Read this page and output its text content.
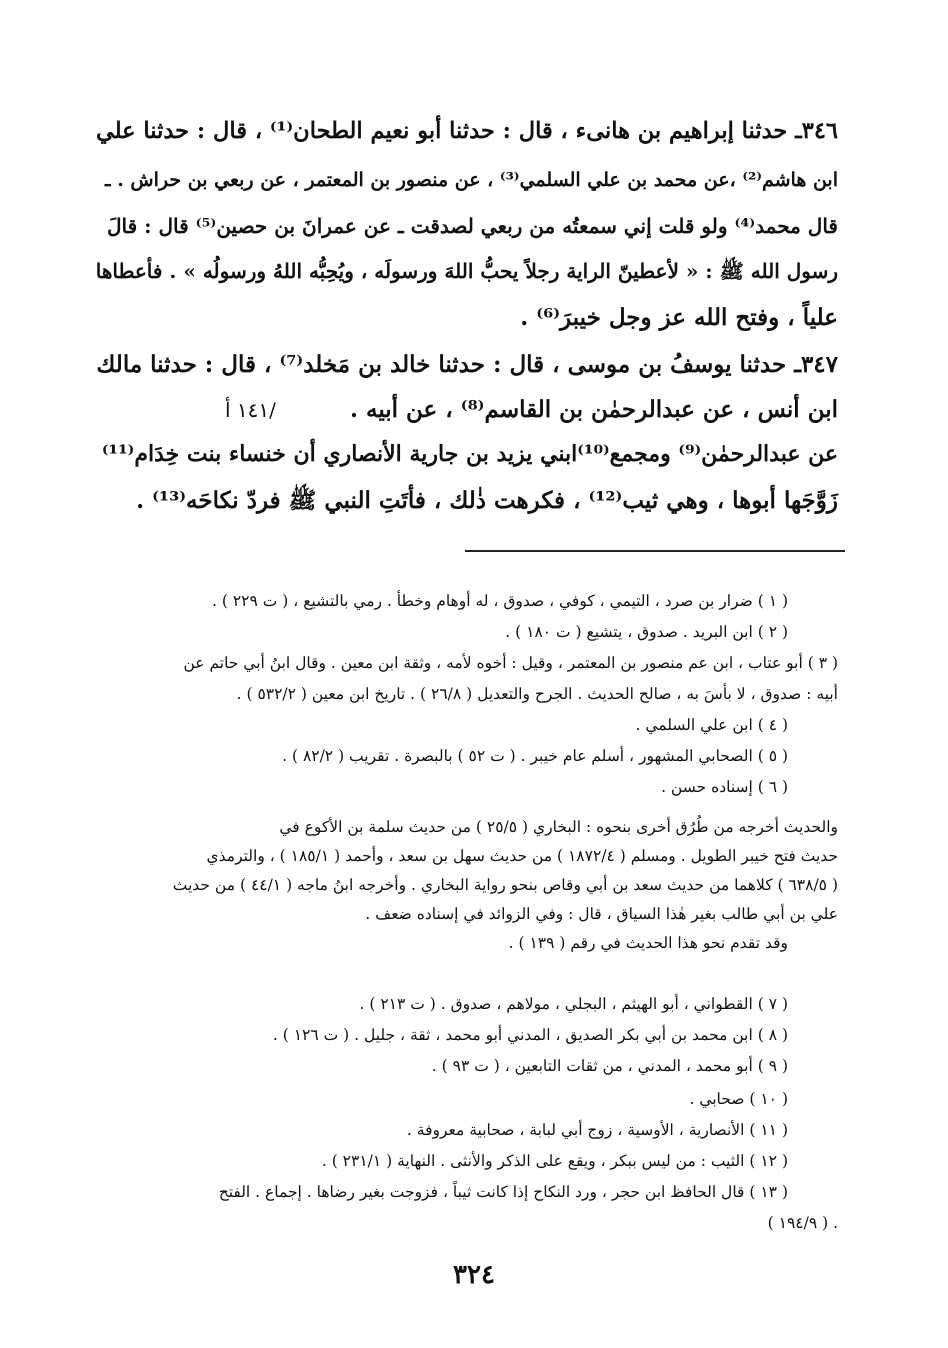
٣٤٦ـ حدثنا إبراهيم بن هانىء ، قال : حدثنا أبو نعيم الطحان⁽¹⁾ ، قال : حدثنا علي
ابن هاشم⁽²⁾ ،عن محمد بن علي السلمي⁽³⁾ ، عن منصور بن المعتمر ، عن ربعي بن حراش . ـ
قال محمد⁽⁴⁾ ولو قلت إني سمعتُه من ربعي لصدقت ـ عن عمرانَ بن حصين⁽⁵⁾ قال : قالَ
رسول الله ﷺ : « لأعطينّ الراية رجلاً يحبُّ اللهَ ورسولَه ، ويُحِبُّه اللهُ ورسولُه » . فأعطاها
علياً ، وفتح الله عز وجل خيبرَ⁽⁶⁾ .
٣٤٧ـ حدثنا يوسفُ بن موسى ، قال : حدثنا خالد بن مَخلد⁽⁷⁾ ، قال : حدثنا مالك
ابن أنس ، عن عبدالرحمٰن بن القاسم⁽⁸⁾ ، عن أبيه .
/١٤١ أ
عن عبدالرحمٰن⁽⁹⁾ ومجمع⁽¹⁰⁾ابني يزيد بن جارية الأنصاري أن خنساء بنت خِدَام⁽¹¹⁾
زَوَّجَها أبوها ، وهي ثيب⁽¹²⁾ ، فكرهت ذٰلك ، فأتَتِ النبي ﷺ فردّ نكاحَه⁽¹³⁾ .
( ١ ) ضرار بن صرد ، التيمي ، كوفي ، صدوق ، له أوهام وخطأ . رمي بالتشيع ، ( ت ٢٢٩ ) .
( ٢ ) ابن البريد . صدوق ، يتشيع ( ت ١٨٠ ) .
( ٣ ) أبو عتاب ، ابن عم منصور بن المعتمر ، وقيل : أخوه لأمه ، وثقة ابن معين . وقال ابنُ أبي حاتم عن
أبيه : صدوق ، لا بأسَ به ، صالح الحديث . الجرح والتعديل ( ٢٦/٨ ) . تاريخ ابن معين ( ٥٣٢/٢ ) .
( ٤ ) ابن علي السلمي .
( ٥ ) الصحابي المشهور ، أسلم عام خيبر . ( ت ٥٢ ) بالبصرة . تقريب ( ٨٢/٢ ) .
( ٦ ) إسناده حسن .
والحديث أخرجه من طُرُق أخرى بنحوه : البخاري ( ٢٥/٥ ) من حديث سلمة بن الأكوع في
حديث فتح خيبر الطويل . ومسلم ( ١٨٧٢/٤ ) من حديث سهل بن سعد ، وأحمد ( ١٨٥/١ ) ، والترمذي
( ٦٣٨/٥ ) كلاهما من حديث سعد بن أبي وقاص بنحو رواية البخاري . وأخرجه ابنُ ماجه ( ٤٤/١ ) من حديث
علي بن أبي طالب بغير هٰذا السياق ، قال : وفي الزوائد في إسناده ضعف .
وقد تقدم نحو هذا الحديث في رقم ( ١٣٩ ) .
( ٧ ) القطواني ، أبو الهيثم ، البجلي ، مولاهم ، صدوق . ( ت ٢١٣ ) .
( ٨ ) ابن محمد بن أبي بكر الصديق ، المدني أبو محمد ، ثقة ، جليل . ( ت ١٢٦ ) .
( ٩ ) أبو محمد ، المدني ، من ثقات التابعين ، ( ت ٩٣ ) .
( ١٠ ) صحابي .
( ١١ ) الأنصارية ، الأوسية ، زوج أبي لبابة ، صحابية معروفة .
( ١٢ ) الثيب : من ليس ببكر ، ويقع على الذكر والأنثى . النهاية ( ٢٣١/١ ) .
( ١٣ ) قال الحافظ ابن حجر ، ورد النكاح إذا كانت ثيباً ، فزوجت بغير رضاها . إجماع . الفتح
( ١٩٤/٩ ) .
٣٢٤
